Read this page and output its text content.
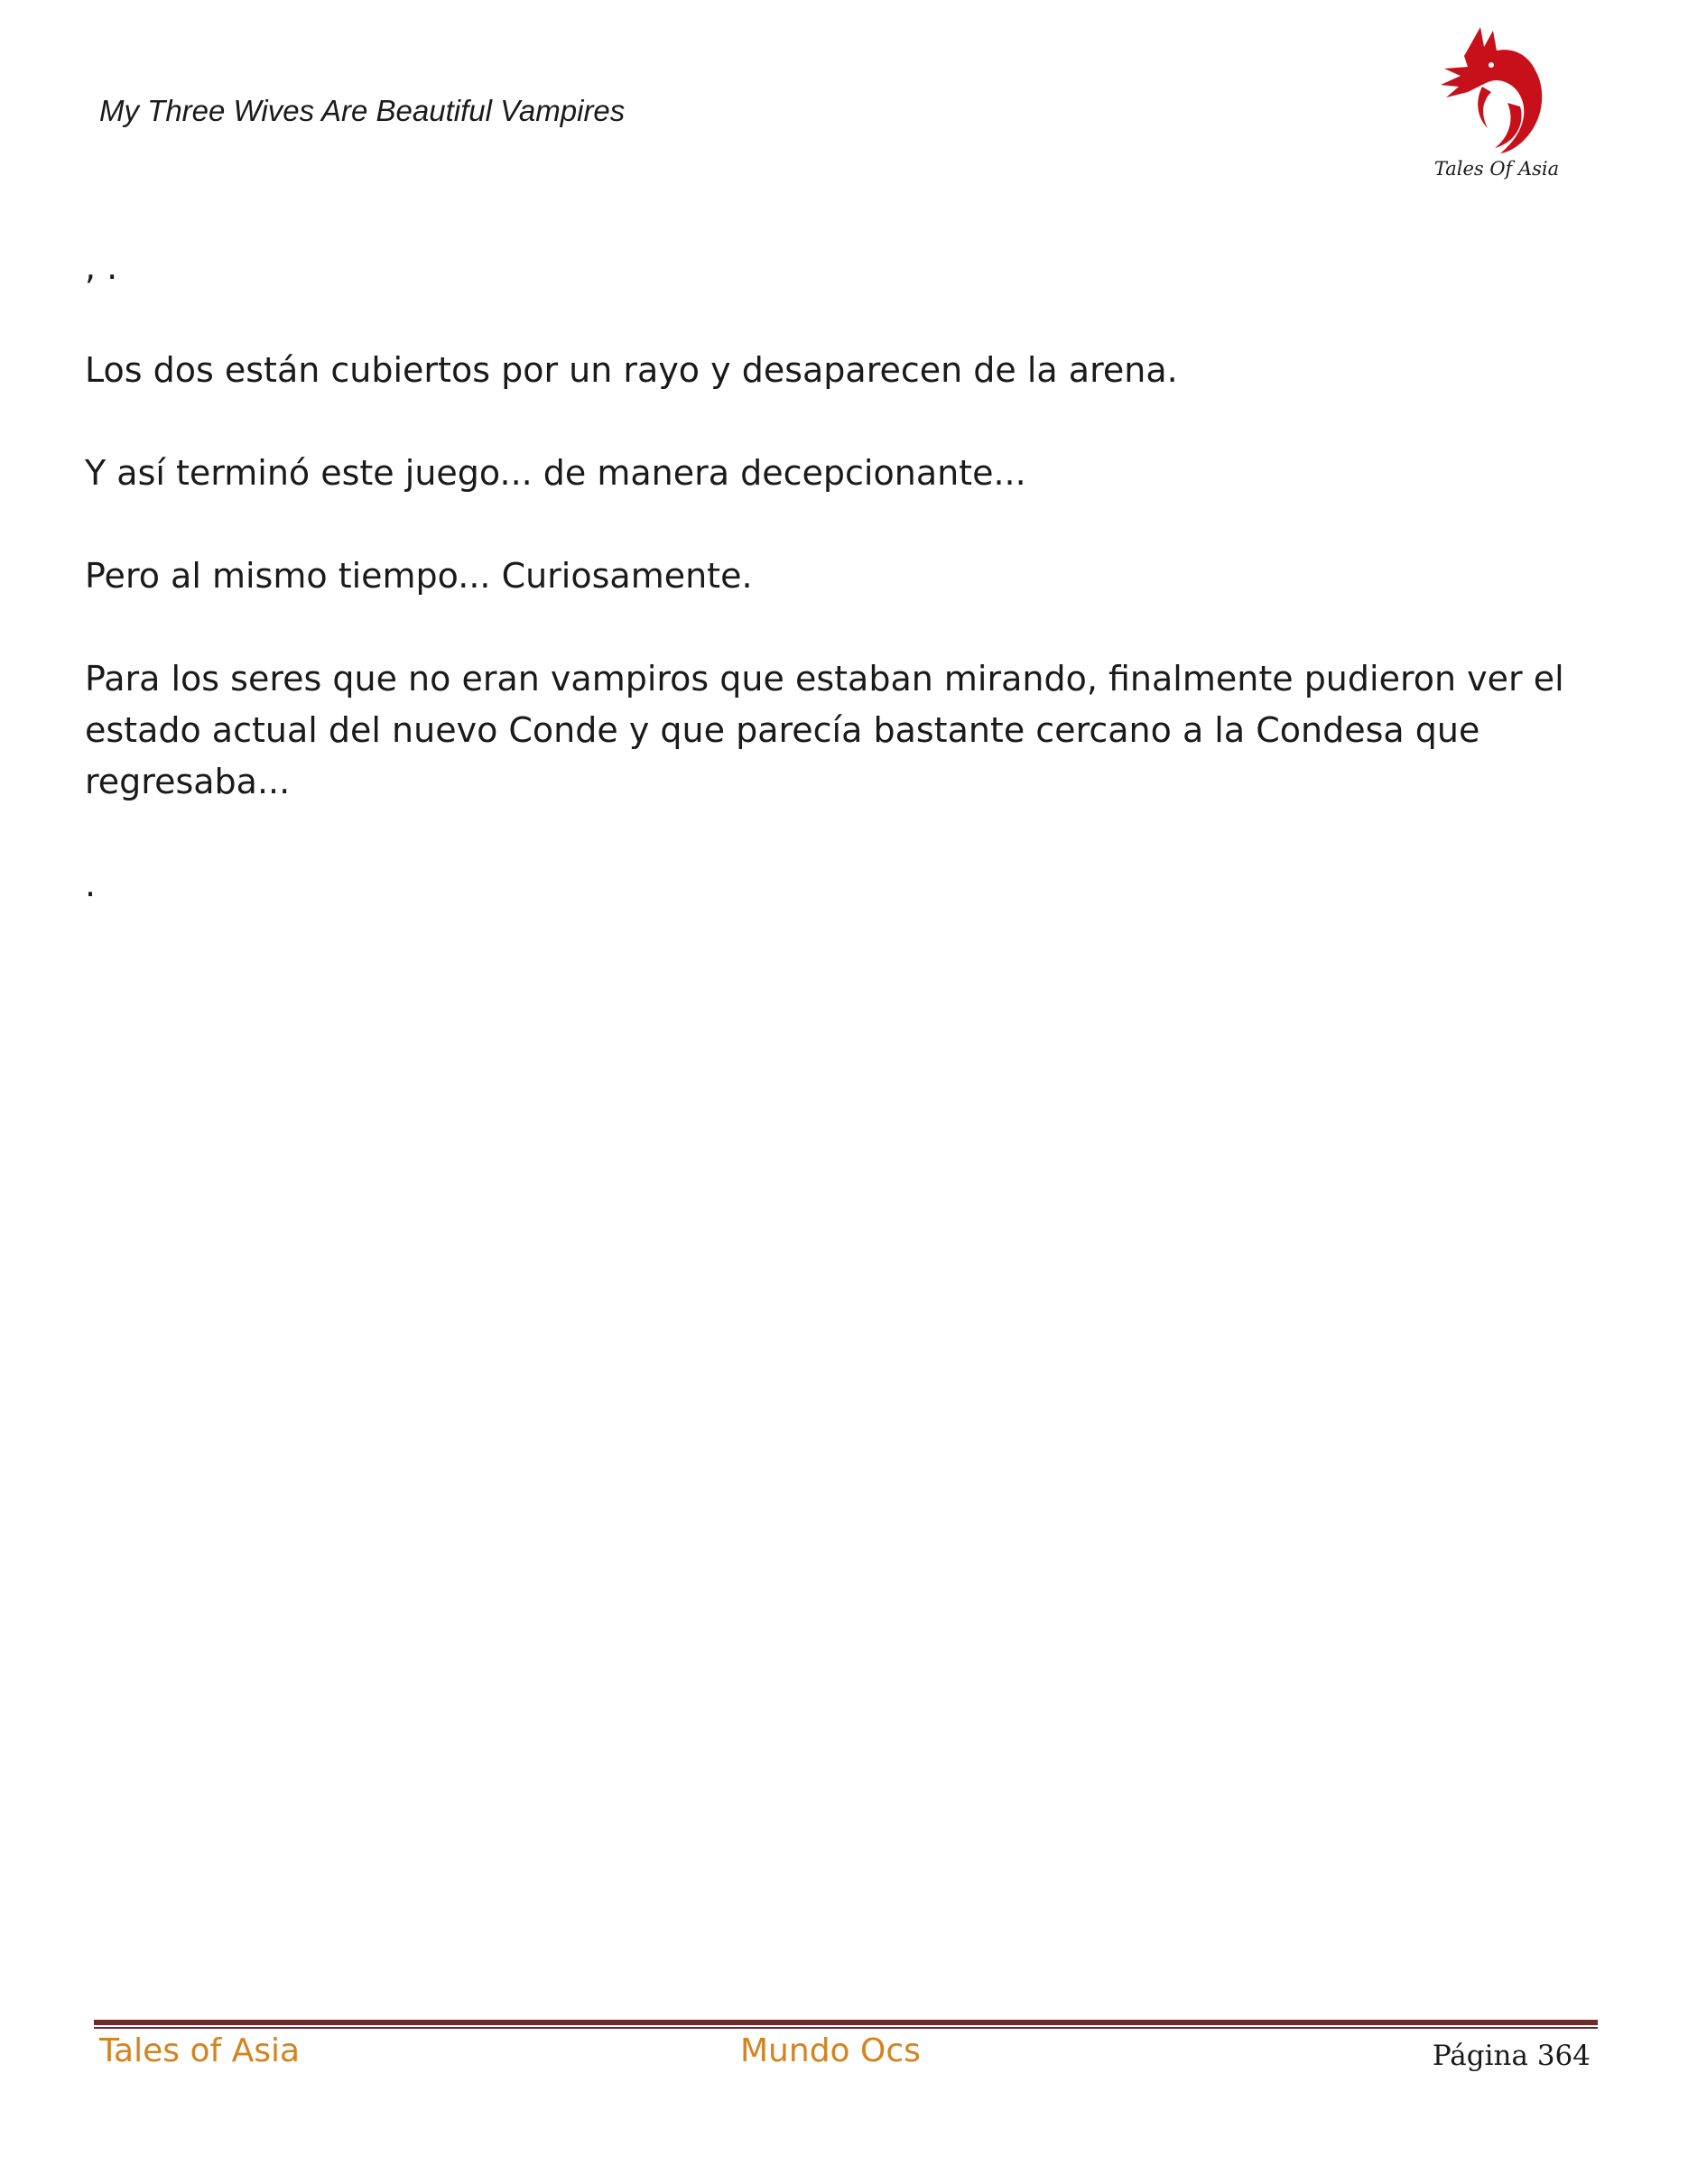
My Three Wives Are Beautiful Vampires
Tales Of Asia

, .

Los dos están cubiertos por un rayo y desaparecen de la arena.

Y así terminó este juego... de manera decepcionante...

Pero al mismo tiempo... Curiosamente.

Para los seres que no eran vampiros que estaban mirando, finalmente pudieron ver el estado actual del nuevo Conde y que parecía bastante cercano a la Condesa que regresaba...

.

Tales of Asia	Mundo Ocs	Página 364
